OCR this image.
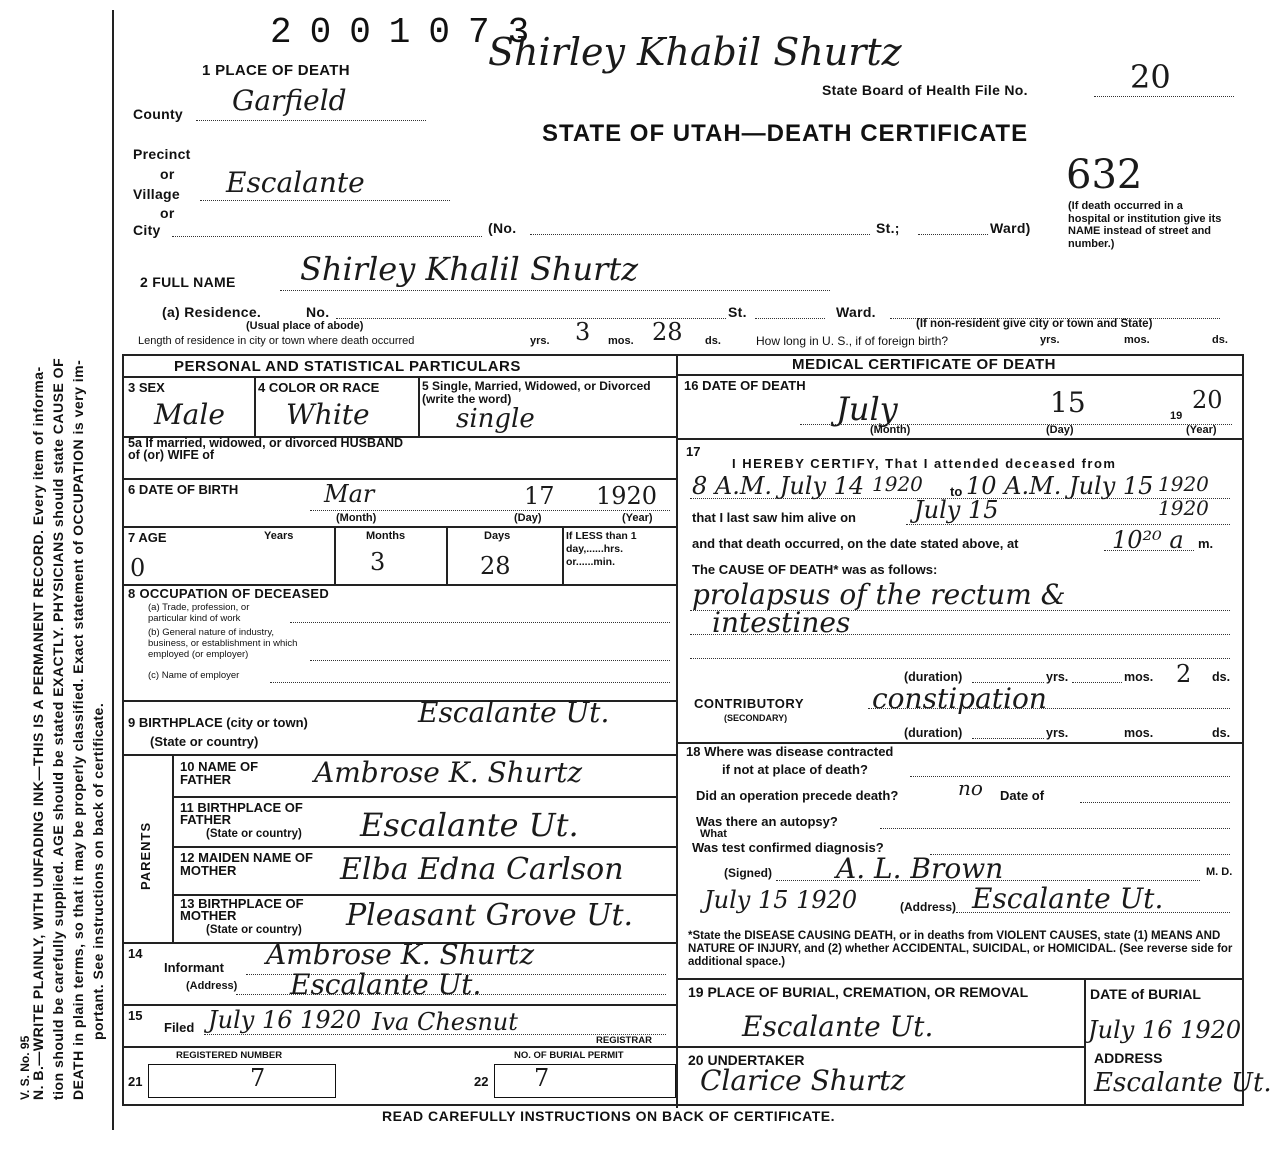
V. S. No. 95
N. B.—WRITE PLAINLY, WITH UNFADING INK—THIS IS A PERMANENT RECORD. Every item of informa- tion should be carefully supplied. AGE should be stated EXACTLY. PHYSICIANS should state CAUSE OF DEATH in plain terms, so that it may be properly classified. Exact statement of OCCUPATION is very im- portant. See instructions on back of certificate.
2001073
Shirley Khabil Shurtz
1 PLACE OF DEATH
State Board of Health File No.	20
STATE OF UTAH—DEATH CERTIFICATE
632
County Garfield
Precinct
or
Village Escalante
or
City	(No.	St.;	Ward)
(If death occurred in a hospital or institution give its NAME instead of street and number.)
2 FULL NAME Shirley Khalil Shurtz
(a) Residence.	No.	St.	Ward.
(If non-resident give city or town and State)
(Usual place of abode)
Length of residence in city or town where death occurred	yrs. 3 mos. 28 ds.	How long in U. S., if of foreign birth?	yrs.	mos.	ds.
PERSONAL AND STATISTICAL PARTICULARS	MEDICAL CERTIFICATE OF DEATH
3 SEX
Male
4 COLOR OR RACE
White
5 Single, Married, Widowed, or Divorced (write the word)
single
5a If married, widowed, or divorced HUSBAND of (or) WIFE of
6 DATE OF BIRTH	Mar	17 1920
(Month)	(Day)	(Year)
7 AGE	Years	Months	Days	If LESS than 1 day,......hrs. or......min.
0	3	28
8 OCCUPATION OF DECEASED
(a) Trade, profession, or particular kind of work
(b) General nature of industry, business, or establishment in which employed (or employer)
(c) Name of employer
9 BIRTHPLACE (city or town)
(State or country)
Escalante Ut.
PARENTS
10 NAME OF FATHER	Ambrose K. Shurtz
11 BIRTHPLACE OF FATHER
(State or country) Escalante Ut.
12 MAIDEN NAME OF MOTHER	Elba Edna Carlson
13 BIRTHPLACE OF MOTHER
(State or country) Pleasant Grove Ut.
14
Informant Ambrose K. Shurtz
(Address) Escalante Ut.
15
Filed July 16 1920 Iva Chesnut
REGISTRAR
REGISTERED NUMBER	NO. OF BURIAL PERMIT
21	7	22 7
16 DATE OF DEATH
July	15	19
20
(Month)	(Day)	(Year)
17
I HEREBY CERTIFY, That I attended deceased from
8 A.M. July 14 1920 to 10 A.M. July 15 1920
that I last saw him alive on July 15	1920
and that death occurred, on the date stated above, at	10²⁰ a m.
The CAUSE OF DEATH* was as follows:
prolapsus of the rectum &
intestines
(duration)	yrs.	mos. 2 ds.
CONTRIBUTORY
(SECONDARY)
constipation
(duration)	yrs.	mos.	ds.
18 Where was disease contracted
if not at place of death?
Did an operation precede death?	no Date of
Was there an autopsy?
What
Was test confirmed diagnosis?
(Signed) A. L. Brown	M. D.
July 15 1920	(Address) Escalante Ut.
*State the DISEASE CAUSING DEATH, or in deaths from VIOLENT CAUSES, state (1) MEANS AND NATURE OF INJURY, and (2) whether ACCIDENTAL, SUICIDAL, or HOMICIDAL. (See reverse side for additional space.)
19 PLACE OF BURIAL, CREMATION, OR REMOVAL
Escalante Ut.
DATE of BURIAL
July 16 1920
20 UNDERTAKER
Clarice Shurtz
ADDRESS
Escalante Ut.
READ CAREFULLY INSTRUCTIONS ON BACK OF CERTIFICATE.
